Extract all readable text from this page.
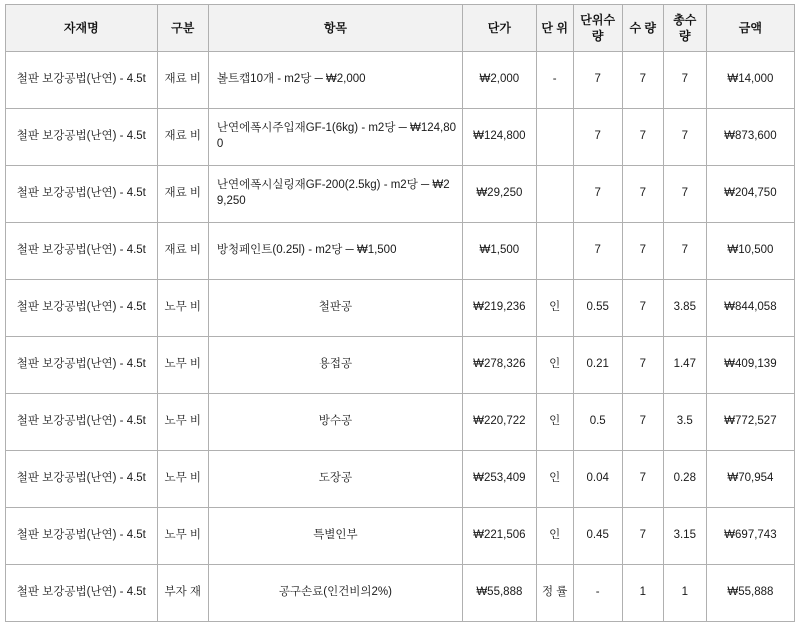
자재명	구분	항목	단가	단 위	단위수 량	수 량	총수 량	금액
철판 보강공법(난연) - 4.5t	재료 비	볼트캡10개 - m2당 ─ ₩2,000	₩2,000	-	7	7	7	₩14,000
철판 보강공법(난연) - 4.5t	재료 비	난연에폭시주입재GF-1(6kg) - m2당 ─ ₩124,800	₩124,800		7	7	7	₩873,600
철판 보강공법(난연) - 4.5t	재료 비	난연에폭시실링재GF-200(2.5kg) - m2당 ─ ₩29,250	₩29,250		7	7	7	₩204,750
철판 보강공법(난연) - 4.5t	재료 비	방청페인트(0.25l) - m2당 ─ ₩1,500	₩1,500		7	7	7	₩10,500
철판 보강공법(난연) - 4.5t	노무 비	철판공	₩219,236	인	0.55	7	3.85	₩844,058
철판 보강공법(난연) - 4.5t	노무 비	용접공	₩278,326	인	0.21	7	1.47	₩409,139
철판 보강공법(난연) - 4.5t	노무 비	방수공	₩220,722	인	0.5	7	3.5	₩772,527
철판 보강공법(난연) - 4.5t	노무 비	도장공	₩253,409	인	0.04	7	0.28	₩70,954
철판 보강공법(난연) - 4.5t	노무 비	특별인부	₩221,506	인	0.45	7	3.15	₩697,743
철판 보강공법(난연) - 4.5t	부자 재	공구손료(인건비의2%)	₩55,888	정 률	-	1	1	₩55,888
